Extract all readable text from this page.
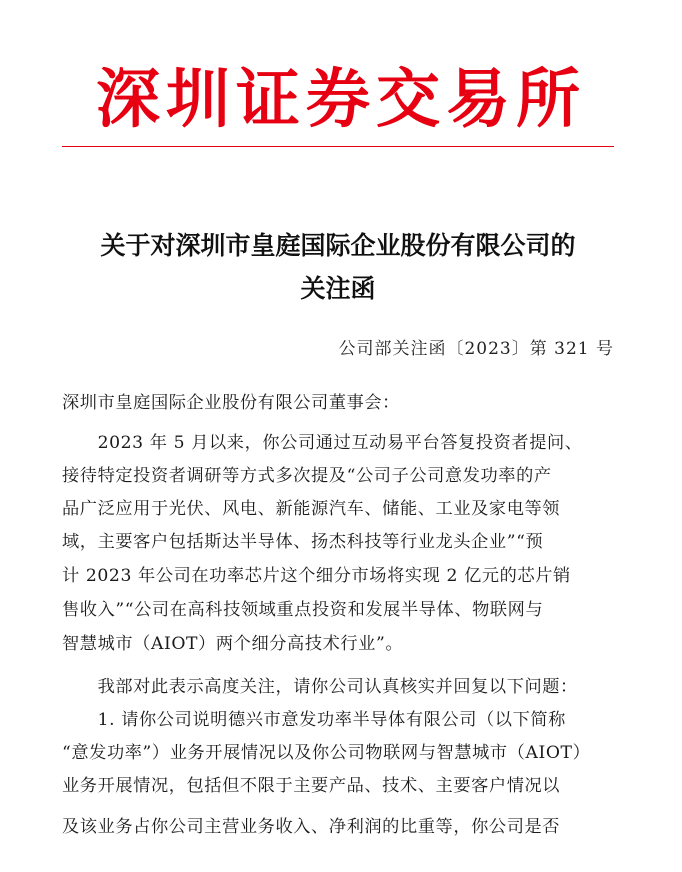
深圳证券交易所
关于对深圳市皇庭国际企业股份有限公司的
关注函
公司部关注函〔2023〕第 321 号
深圳市皇庭国际企业股份有限公司董事会：
　　2023 年 5 月以来，你公司通过互动易平台答复投资者提问、
接待特定投资者调研等方式多次提及“公司子公司意发功率的产
品广泛应用于光伏、风电、新能源汽车、储能、工业及家电等领
域，主要客户包括斯达半导体、扬杰科技等行业龙头企业”“预
计 2023 年公司在功率芯片这个细分市场将实现 2 亿元的芯片销
售收入”“公司在高科技领域重点投资和发展半导体、物联网与
智慧城市（AIOT）两个细分高技术行业”。
　　我部对此表示高度关注，请你公司认真核实并回复以下问题：
　　1. 请你公司说明德兴市意发功率半导体有限公司（以下简称
“意发功率”）业务开展情况以及你公司物联网与智慧城市（AIOT）
业务开展情况，包括但不限于主要产品、技术、主要客户情况以
及该业务占你公司主营业务收入、净利润的比重等，你公司是否
